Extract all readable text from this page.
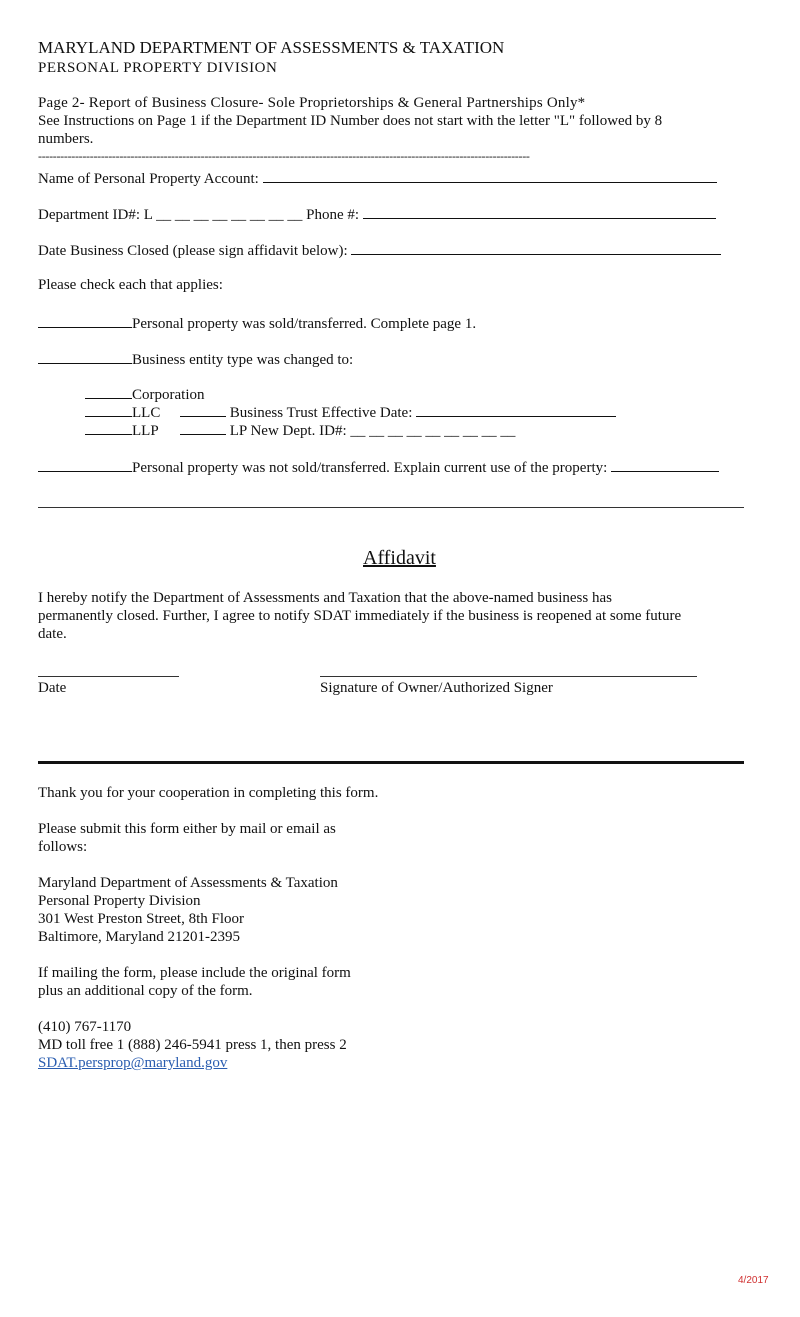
MARYLAND DEPARTMENT OF ASSESSMENTS & TAXATION
PERSONAL PROPERTY DIVISION
Page 2- Report of Business Closure- Sole Proprietorships & General Partnerships Only*
See Instructions on Page 1 if the Department ID Number does not start with the letter "L" followed by 8
numbers.
-------------------------------------------------------------------------------------------------------------------------------------
Name of Personal Property Account:
Department ID#: L __ __ __ __ __ __ __ __ Phone #:
Date Business Closed (please sign affidavit below):
Please check each that applies:
Personal property was sold/transferred. Complete page 1.
Business entity type was changed to:
Corporation
LLC	Business Trust Effective Date:
LLP	LP New Dept. ID#: __ __ __ __ __ __ __ __ __
Personal property was not sold/transferred. Explain current use of the property:
Affidavit
I hereby notify the Department of Assessments and Taxation that the above-named business has
permanently closed. Further, I agree to notify SDAT immediately if the business is reopened at some future
date.
Date	Signature of Owner/Authorized Signer
Thank you for your cooperation in completing this form.
Please submit this form either by mail or email as
follows:
Maryland Department of Assessments & Taxation
Personal Property Division
301 West Preston Street, 8th Floor
Baltimore, Maryland 21201-2395
If mailing the form, please include the original form
plus an additional copy of the form.
(410) 767-1170
MD toll free 1 (888) 246-5941 press 1, then press 2
SDAT.persprop@maryland.gov
4/2017
